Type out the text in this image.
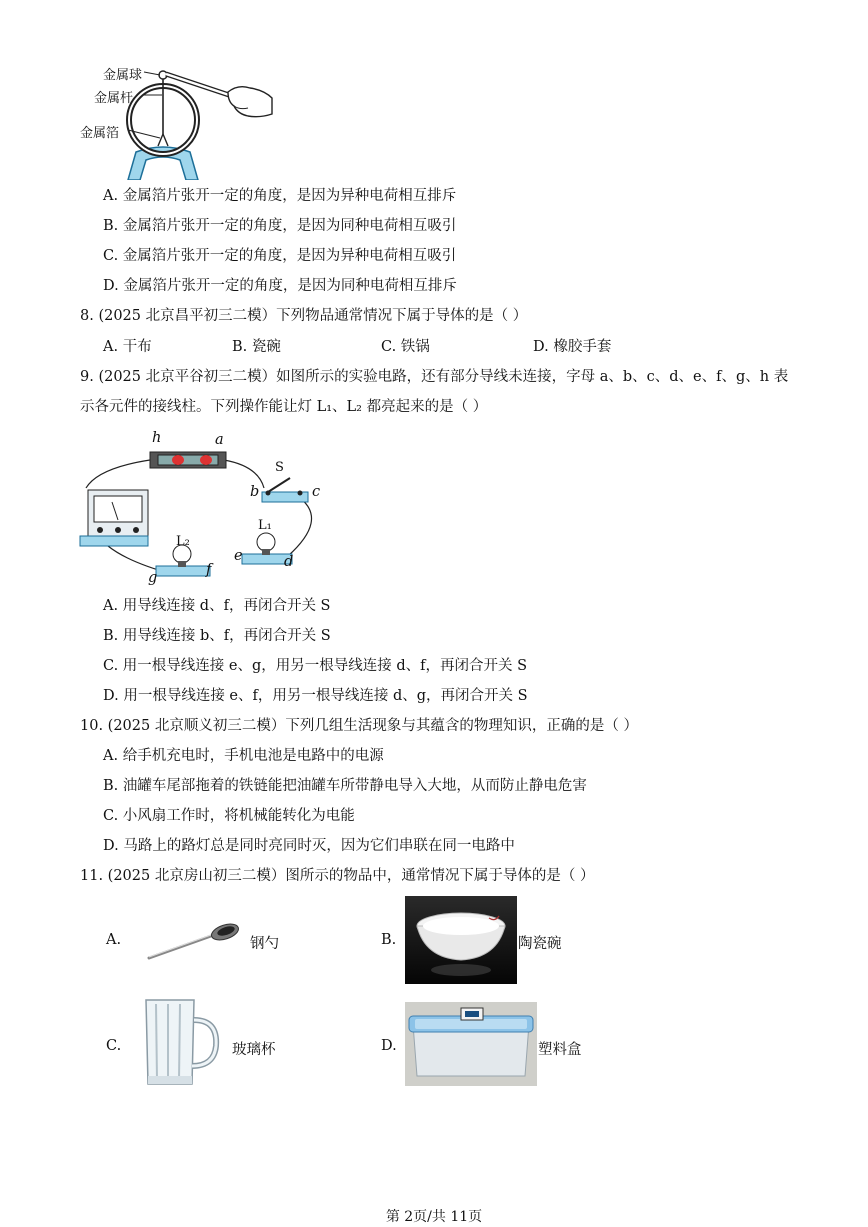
金属球
金属杆
金属箔
A. 金属箔片张开一定的角度，是因为异种电荷相互排斥
B. 金属箔片张开一定的角度，是因为同种电荷相互吸引
C. 金属箔片张开一定的角度，是因为异种电荷相互吸引
D. 金属箔片张开一定的角度，是因为同种电荷相互排斥
8. (2025 北京昌平初三二模）下列物品通常情况下属于导体的是（ ）
A. 干布	B. 瓷碗	C. 铁锅	D. 橡胶手套
9. (2025 北京平谷初三二模）如图所示的实验电路，还有部分导线未连接，字母 a、b、c、d、e、f、g、h 表
示各元件的接线柱。下列操作能让灯 L₁、L₂ 都亮起来的是（ ）
h	a
S
b	c
L₁
L₂
e	d
g	f
A. 用导线连接 d、f，再闭合开关 S
B. 用导线连接 b、f，再闭合开关 S
C. 用一根导线连接 e、g，用另一根导线连接 d、f，再闭合开关 S
D. 用一根导线连接 e、f，用另一根导线连接 d、g，再闭合开关 S
10. (2025 北京顺义初三二模）下列几组生活现象与其蕴含的物理知识，正确的是（ ）
A. 给手机充电时，手机电池是电路中的电源
B. 油罐车尾部拖着的铁链能把油罐车所带静电导入大地，从而防止静电危害
C. 小风扇工作时，将机械能转化为电能
D. 马路上的路灯总是同时亮同时灭，因为它们串联在同一电路中
11. (2025 北京房山初三二模）图所示的物品中，通常情况下属于导体的是（ ）
A.	钢勺	B.	陶瓷碗
C.	玻璃杯	D.	塑料盒
第 2页/共 11页
